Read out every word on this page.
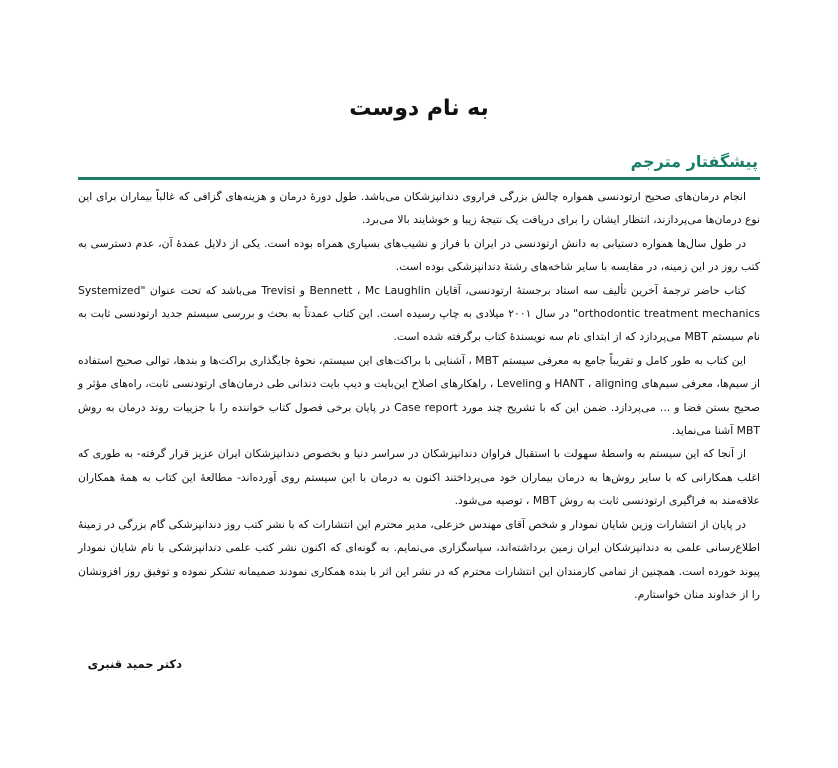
به نام دوست
پیشگفتار مترجم

انجام درمان‌های صحیح ارتودنسی همواره چالش بزرگی فراروی دندانپزشکان می‌باشد. طول دورهٔ درمان و هزینه‌های گزافی که غالباً بیماران برای این نوع درمان‌ها می‌پردازند، انتظار ایشان را برای دریافت یک نتیجهٔ زیبا و خوشایند بالا می‌برد.

در طول سال‌ها همواره دستیابی به دانش ارتودنسی در ایران با فراز و نشیب‌های بسیاری همراه بوده است. یکی از دلایل عمدهٔ آن، عدم دسترسی به کتب روز در این زمینه، در مقایسه با سایر شاخه‌های رشتهٔ دندانپزشکی بوده است.

کتاب حاضر ترجمهٔ آخرین تألیف سه استاد برجستهٔ ارتودنسی، آقایان Bennett ، Mc Laughlin و Trevisi می‌باشد که تحت عنوان "Systemized orthodontic treatment mechanics" در سال ۲۰۰۱ میلادی به چاپ رسیده است. این کتاب عمدتاً به بحث و بررسی سیستم جدید ارتودنسی ثابت به نام سیستم MBT می‌پردازد که از ابتدای نام سه نویسندهٔ کتاب برگرفته شده است.

این کتاب به طور کامل و تقریباً جامع به معرفی سیستم MBT ، آشنایی با براکت‌های این سیستم، نحوهٔ جایگذاری براکت‌ها و بندها، توالی صحیح استفاده از سیم‌ها، معرفی سیم‌های HANT ، aligning و Leveling ، راهکارهای اصلاح این‌بایت و دیپ بایت دندانی طی درمان‌های ارتودنسی ثابت، راه‌های مؤثر و صحیح بستن فضا و ... می‌پردازد. ضمن این که با تشریح چند مورد Case report در پایان برخی فصول کتاب خواننده را با جزییات روند درمان به روش MBT آشنا می‌نماید.

از آنجا که این سیستم به واسطهٔ سهولت با استقبال فراوان دندانپزشکان در سراسر دنیا و بخصوص دندانپزشکان ایران عزیز قرار گرفته- به طوری که اغلب همکارانی که با سایر روش‌ها به درمان بیماران خود می‌پرداختند اکنون به درمان با این سیستم روی آورده‌اند- مطالعهٔ این کتاب به همهٔ همکاران علاقه‌مند به فراگیری ارتودنسی ثابت به روش MBT ، توصیه می‌شود.

در پایان از انتشارات وزین شایان نمودار و شخص آقای مهندس خزعلی، مدیر محترم این انتشارات که با نشر کتب روز دندانپزشکی گام بزرگی در زمینهٔ اطلاع‌رسانی علمی به دندانپزشکان ایران زمین برداشته‌اند، سپاسگزاری می‌نمایم. به گونه‌ای که اکنون نشر کتب علمی دندانپزشکی با نام شایان نمودار پیوند خورده است. همچنین از تمامی کارمندان این انتشارات محترم که در نشر این اثر با بنده همکاری نمودند صمیمانه تشکر نموده و توفیق روز افزونشان را از خداوند منان خواستارم.

دکتر حمید قنبری
